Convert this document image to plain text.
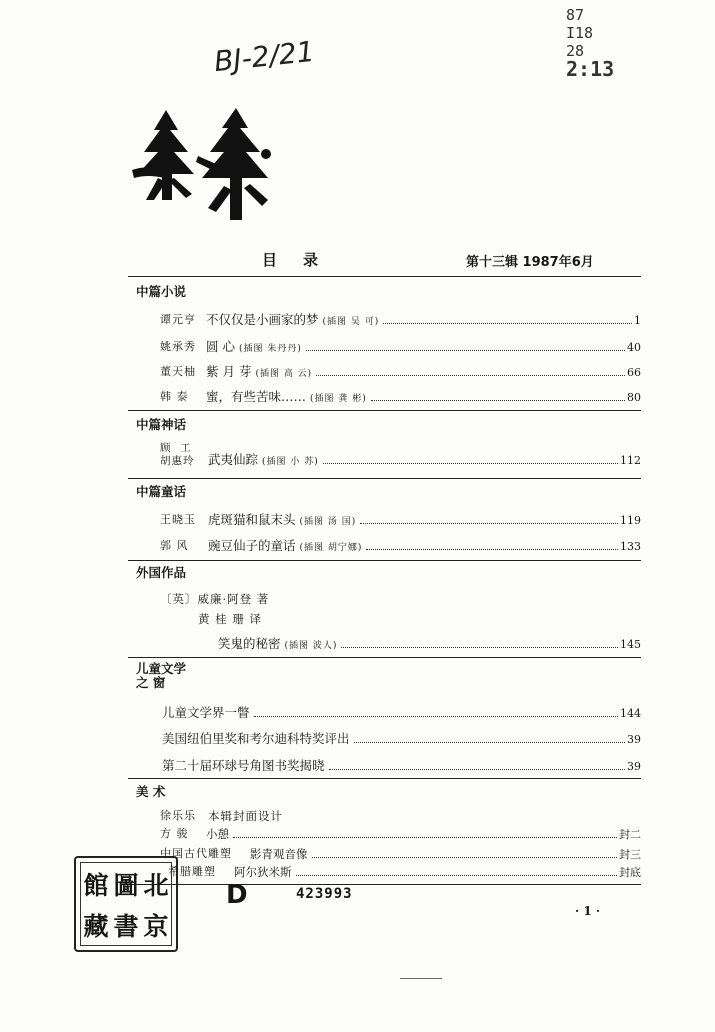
BJ-2/21
87
I18
28
2:13
目录	第十三辑 1987年6月
中篇小说
谭元亨 不仅仅是小画家的梦 (插图 吴 可)	1
姚承秀 圆 心 (插图 朱丹丹)	40
董天柚 紫 月 芽 (插图 高 云)	66
韩 泰 蜜，有些苦味…… (插图 龚 彬)	80
中篇神话
顾  工
胡惠玲 武夷仙踪 (插图 小 苏)	112
中篇童话
王晓玉 虎斑猫和鼠末头 (插图 汤 国)	119
郭 风 豌豆仙子的童话 (插图 胡宁娜)	133
外国作品
〔英〕威廉·阿登 著
黄 桂 珊 译
笑鬼的秘密 (插图 波人)	145
儿童文学
之 窗
儿童文学界一瞥	144
美国纽伯里奖和考尔迪科特奖评出	39
第二十届环球号角图书奖揭晓	39
美 术
徐乐乐 本辑封面设计
方 骏 小憩	封二
中国古代雕塑 影青观音像	封三
希腊雕塑 阿尔狄米斯	封底
館 圖 北
藏 書 京
D	423993
· 1 ·
